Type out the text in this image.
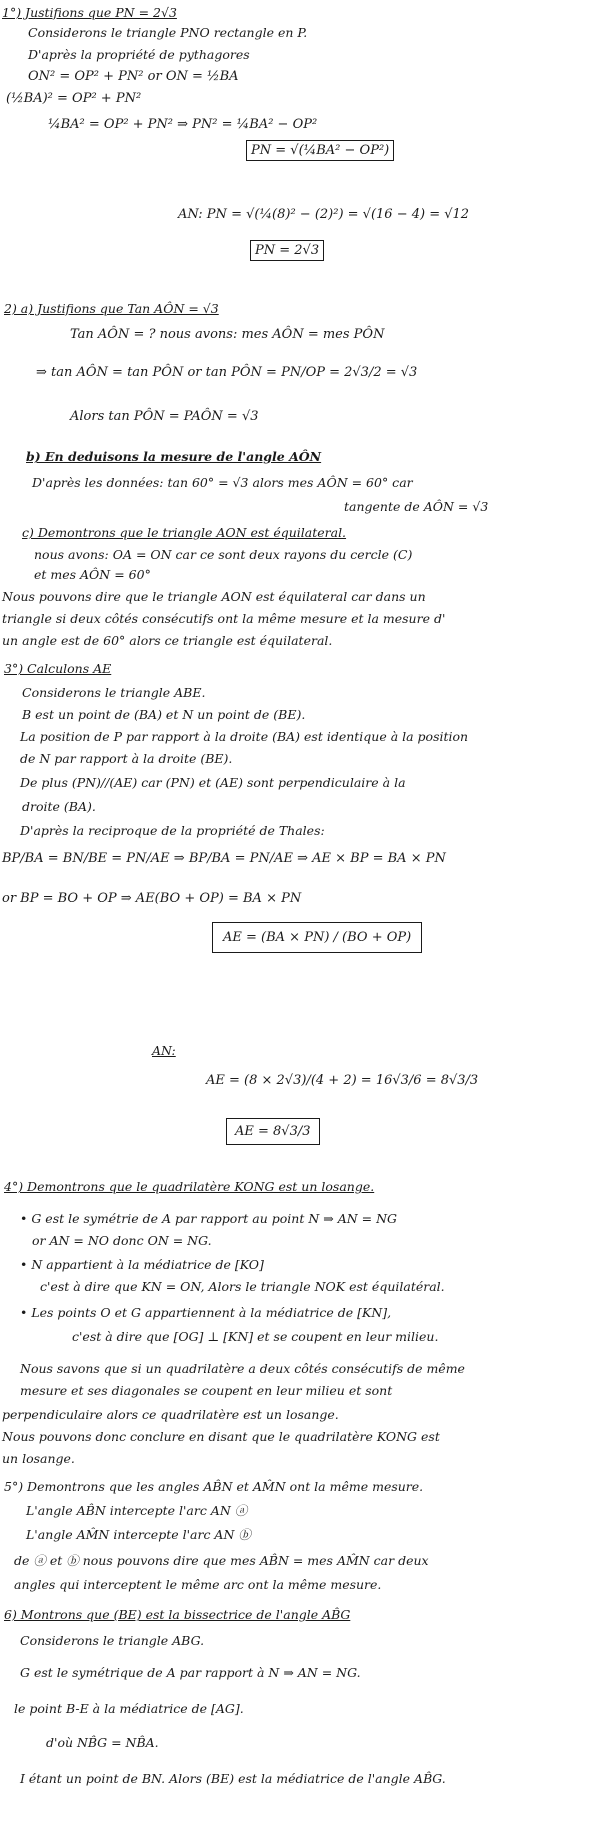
1°) Justifions que PN = 2√3
Considerons le triangle PNO rectangle en P.
D'après la propriété de pythagores
ON² = OP² + PN² or ON = ½BA
(½BA)² = OP² + PN²
¼BA² = OP² + PN² ⇒ PN² = ¼BA² − OP²
PN = √(¼BA² − OP²)
AN: PN = √(¼(8)² − (2)²) = √(16 − 4) = √12
PN = 2√3
2) a) Justifions que Tan AÔN = √3
Tan AÔN = ? nous avons: mes AÔN = mes PÔN
⇒ tan AÔN = tan PÔN or tan PÔN = PN/OP = 2√3/2 = √3
Alors tan PÔN = PAÔN = √3
b) En deduisons la mesure de l'angle AÔN
D'après les données: tan 60° = √3 alors mes AÔN = 60° car
tangente de AÔN = √3
c) Demontrons que le triangle AON est équilateral.
nous avons: OA = ON car ce sont deux rayons du cercle (C)
et mes AÔN = 60°
Nous pouvons dire que le triangle AON est équilateral car dans un
triangle si deux côtés consécutifs ont la même mesure et la mesure d'
un angle est de 60° alors ce triangle est équilateral.
3°) Calculons AE
Considerons le triangle ABE.
B est un point de (BA) et N un point de (BE).
La position de P par rapport à la droite (BA) est identique à la position
de N par rapport à la droite (BE).
De plus (PN)//(AE) car (PN) et (AE) sont perpendiculaire à la
droite (BA).
D'après la reciproque de la propriété de Thales:
BP/BA = BN/BE = PN/AE ⇒ BP/BA = PN/AE ⇒ AE × BP = BA × PN
or BP = BO + OP ⇒ AE(BO + OP) = BA × PN
AE = (BA × PN) / (BO + OP)
AN:
AE = (8 × 2√3)/(4 + 2) = 16√3/6 = 8√3/3
AE = 8√3/3
4°) Demontrons que le quadrilatère KONG est un losange.
• G est le symétrie de A par rapport au point N ⇒ AN = NG
or AN = NO donc ON = NG.
• N appartient à la médiatrice de [KO]
c'est à dire que KN = ON, Alors le triangle NOK est équilatéral.
• Les points O et G appartiennent à la médiatrice de [KN],
c'est à dire que [OG] ⊥ [KN] et se coupent en leur milieu.
Nous savons que si un quadrilatère a deux côtés consécutifs de même
mesure et ses diagonales se coupent en leur milieu et sont
perpendiculaire alors ce quadrilatère est un losange.
Nous pouvons donc conclure en disant que le quadrilatère KONG est
un losange.
5°) Demontrons que les angles AB̂N et AM̂N ont la même mesure.
L'angle AB̂N intercepte l'arc AN ⓐ
L'angle AM̂N intercepte l'arc AN ⓑ
de ⓐ et ⓑ nous pouvons dire que mes AB̂N = mes AM̂N car deux
angles qui interceptent le même arc ont la même mesure.
6) Montrons que (BE) est la bissectrice de l'angle AB̂G
Considerons le triangle ABG.
G est le symétrique de A par rapport à N ⇒ AN = NG.
le point B-E à la médiatrice de [AG].
d'où NB̂G = NB̂A.
I étant un point de BN. Alors (BE) est la médiatrice de l'angle AB̂G.
